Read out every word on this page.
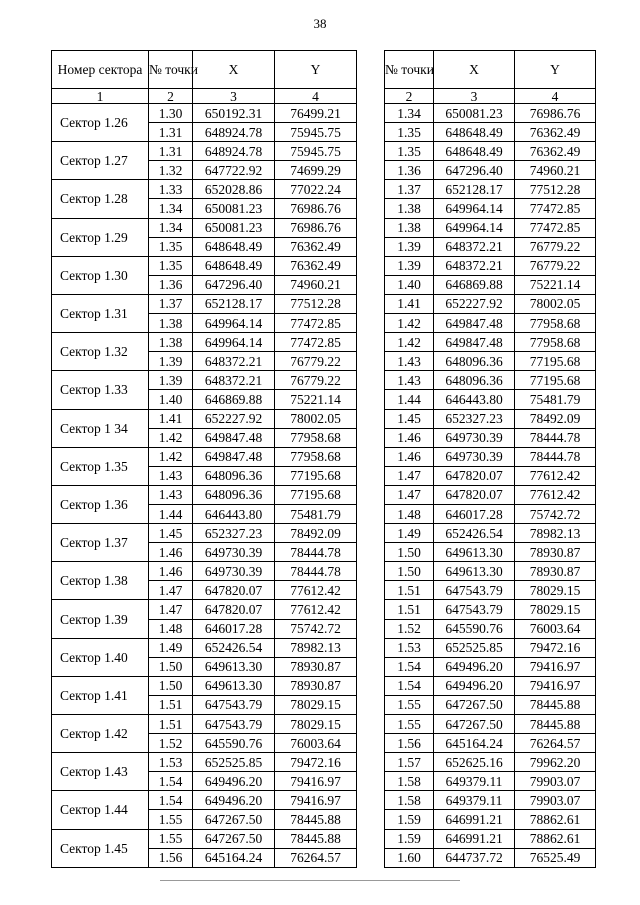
38
Номер сектора	№ точки	X	Y
1	2	3	4
Сектор 1.26	1.30	650192.31	76499.21
	1.31	648924.78	75945.75
Сектор 1.27	1.31	648924.78	75945.75
	1.32	647722.92	74699.29
Сектор 1.28	1.33	652028.86	77022.24
	1.34	650081.23	76986.76
Сектор 1.29	1.34	650081.23	76986.76
	1.35	648648.49	76362.49
Сектор 1.30	1.35	648648.49	76362.49
	1.36	647296.40	74960.21
Сектор 1.31	1.37	652128.17	77512.28
	1.38	649964.14	77472.85
Сектор 1.32	1.38	649964.14	77472.85
	1.39	648372.21	76779.22
Сектор 1.33	1.39	648372.21	76779.22
	1.40	646869.88	75221.14
Сектор 1 34	1.41	652227.92	78002.05
	1.42	649847.48	77958.68
Сектор 1.35	1.42	649847.48	77958.68
	1.43	648096.36	77195.68
Сектор 1.36	1.43	648096.36	77195.68
	1.44	646443.80	75481.79
Сектор 1.37	1.45	652327.23	78492.09
	1.46	649730.39	78444.78
Сектор 1.38	1.46	649730.39	78444.78
	1.47	647820.07	77612.42
Сектор 1.39	1.47	647820.07	77612.42
	1.48	646017.28	75742.72
Сектор 1.40	1.49	652426.54	78982.13
	1.50	649613.30	78930.87
Сектор 1.41	1.50	649613.30	78930.87
	1.51	647543.79	78029.15
Сектор 1.42	1.51	647543.79	78029.15
	1.52	645590.76	76003.64
Сектор 1.43	1.53	652525.85	79472.16
	1.54	649496.20	79416.97
Сектор 1.44	1.54	649496.20	79416.97
	1.55	647267.50	78445.88
Сектор 1.45	1.55	647267.50	78445.88
	1.56	645164.24	76264.57
№ точки	X	Y
2	3	4
1.34	650081.23	76986.76
1.35	648648.49	76362.49
1.35	648648.49	76362.49
1.36	647296.40	74960.21
1.37	652128.17	77512.28
1.38	649964.14	77472.85
1.38	649964.14	77472.85
1.39	648372.21	76779.22
1.39	648372.21	76779.22
1.40	646869.88	75221.14
1.41	652227.92	78002.05
1.42	649847.48	77958.68
1.42	649847.48	77958.68
1.43	648096.36	77195.68
1.43	648096.36	77195.68
1.44	646443.80	75481.79
1.45	652327.23	78492.09
1.46	649730.39	78444.78
1.46	649730.39	78444.78
1.47	647820.07	77612.42
1.47	647820.07	77612.42
1.48	646017.28	75742.72
1.49	652426.54	78982.13
1.50	649613.30	78930.87
1.50	649613.30	78930.87
1.51	647543.79	78029.15
1.51	647543.79	78029.15
1.52	645590.76	76003.64
1.53	652525.85	79472.16
1.54	649496.20	79416.97
1.54	649496.20	79416.97
1.55	647267.50	78445.88
1.55	647267.50	78445.88
1.56	645164.24	76264.57
1.57	652625.16	79962.20
1.58	649379.11	79903.07
1.58	649379.11	79903.07
1.59	646991.21	78862.61
1.59	646991.21	78862.61
1.60	644737.72	76525.49
